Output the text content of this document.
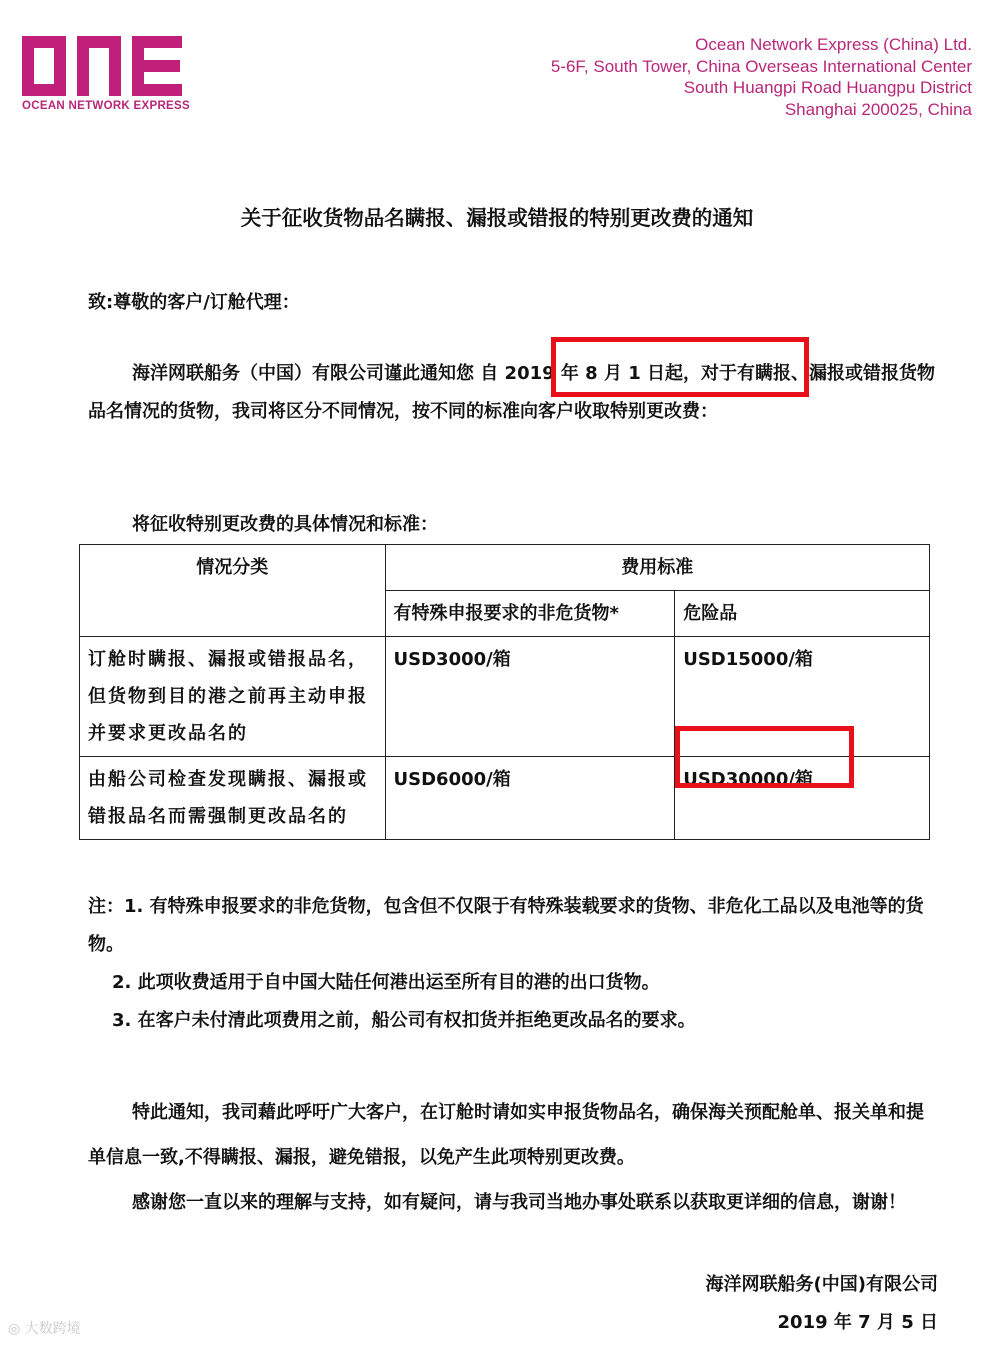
OCEAN NETWORK EXPRESS
Ocean Network Express (China) Ltd.
5-6F, South Tower, China Overseas International Center
South Huangpi Road Huangpu District
Shanghai 200025, China
关于征收货物品名瞒报、漏报或错报的特别更改费的通知
致:尊敬的客户/订舱代理：
海洋网联船务（中国）有限公司谨此通知您 自 2019 年 8 月 1 日起，对于有瞒报、漏报或错报货物品名情况的货物，我司将区分不同情况，按不同的标准向客户收取特别更改费：
将征收特别更改费的具体情况和标准：
情况分类	费用标准	
	有特殊申报要求的非危货物*	危险品
订舱时瞒报、漏报或错报品名，但货物到目的港之前再主动申报并要求更改品名的	USD3000/箱	USD15000/箱
由船公司检查发现瞒报、漏报或错报品名而需强制更改品名的	USD6000/箱	USD30000/箱
注：1. 有特殊申报要求的非危货物，包含但不仅限于有特殊装载要求的货物、非危化工品以及电池等的货物。
2. 此项收费适用于自中国大陆任何港出运至所有目的港的出口货物。
3. 在客户未付清此项费用之前，船公司有权扣货并拒绝更改品名的要求。
特此通知，我司藉此呼吁广大客户，在订舱时请如实申报货物品名，确保海关预配舱单、报关单和提单信息一致,不得瞒报、漏报，避免错报，以免产生此项特别更改费。
感谢您一直以来的理解与支持，如有疑问，请与我司当地办事处联系以获取更详细的信息，谢谢！
海洋网联船务(中国)有限公司
2019 年 7 月 5 日
◎ 大数跨境
